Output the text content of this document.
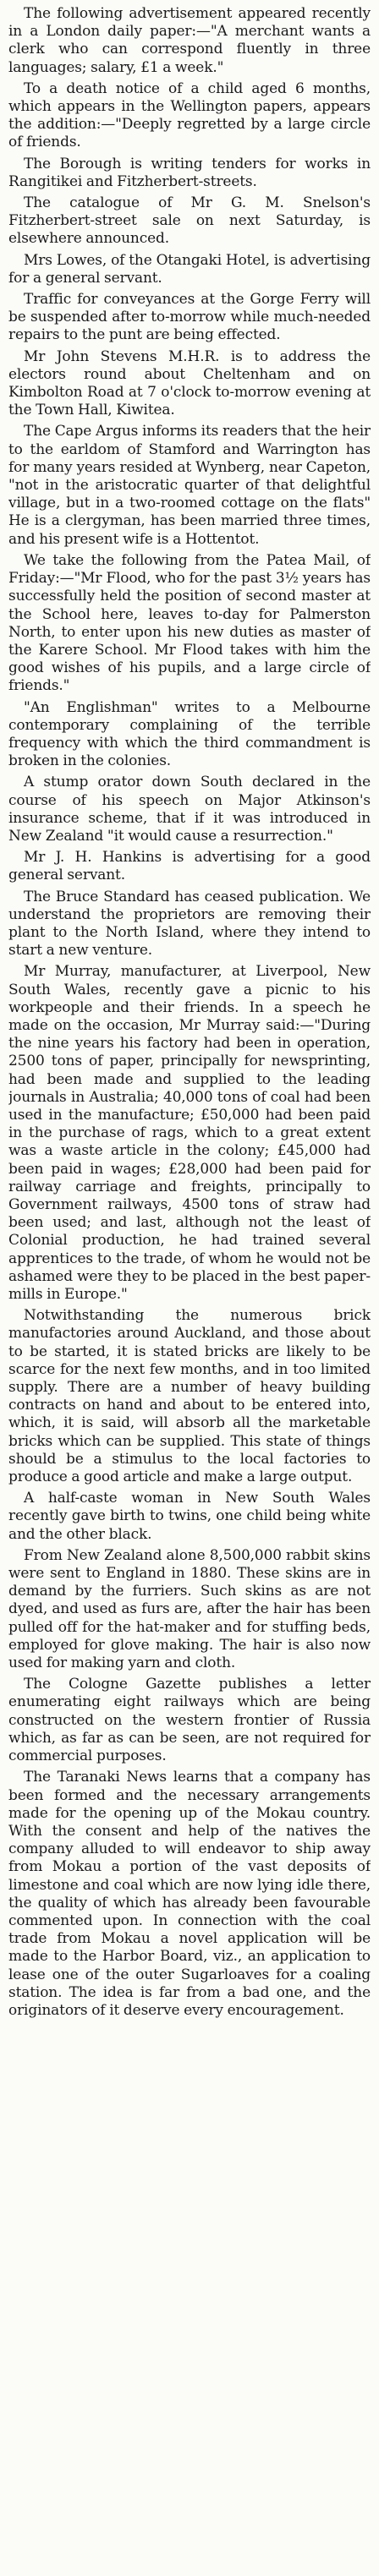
The following advertisement appeared recently in a London daily paper:—"A merchant wants a clerk who can correspond fluently in three languages; salary, £1 a week."

To a death notice of a child aged 6 months, which appears in the Wellington papers, appears the addition:—"Deeply regretted by a large circle of friends.

The Borough is writing tenders for works in Rangitikei and Fitzherbert-streets.

The catalogue of Mr G. M. Snelson's Fitzherbert-street sale on next Saturday, is elsewhere announced.

Mrs Lowes, of the Otangaki Hotel, is advertising for a general servant.

Traffic for conveyances at the Gorge Ferry will be suspended after to-morrow while much-needed repairs to the punt are being effected.

Mr John Stevens M.H.R. is to address the electors round about Cheltenham and on Kimbolton Road at 7 o'clock to-morrow evening at the Town Hall, Kiwitea.

The Cape Argus informs its readers that the heir to the earldom of Stamford and Warrington has for many years resided at Wynberg, near Capeton, "not in the aristocratic quarter of that delightful village, but in a two-roomed cottage on the flats" He is a clergyman, has been married three times, and his present wife is a Hottentot.

We take the following from the Patea Mail, of Friday:—"Mr Flood, who for the past 3½ years has successfully held the position of second master at the School here, leaves to-day for Palmerston North, to enter upon his new duties as master of the Karere School. Mr Flood takes with him the good wishes of his pupils, and a large circle of friends."

"An Englishman" writes to a Melbourne contemporary complaining of the terrible frequency with which the third commandment is broken in the colonies.

A stump orator down South declared in the course of his speech on Major Atkinson's insurance scheme, that if it was introduced in New Zealand "it would cause a resurrection."

Mr J. H. Hankins is advertising for a good general servant.

The Bruce Standard has ceased publication. We understand the proprietors are removing their plant to the North Island, where they intend to start a new venture.

Mr Murray, manufacturer, at Liverpool, New South Wales, recently gave a picnic to his workpeople and their friends. In a speech he made on the occasion, Mr Murray said:—"During the nine years his factory had been in operation, 2500 tons of paper, principally for newsprinting, had been made and supplied to the leading journals in Australia; 40,000 tons of coal had been used in the manufacture; £50,000 had been paid in the purchase of rags, which to a great extent was a waste article in the colony; £45,000 had been paid in wages; £28,000 had been paid for railway carriage and freights, principally to Government railways, 4500 tons of straw had been used; and last, although not the least of Colonial production, he had trained several apprentices to the trade, of whom he would not be ashamed were they to be placed in the best paper-mills in Europe."

Notwithstanding the numerous brick manufactories around Auckland, and those about to be started, it is stated bricks are likely to be scarce for the next few months, and in too limited supply. There are a number of heavy building contracts on hand and about to be entered into, which, it is said, will absorb all the marketable bricks which can be supplied. This state of things should be a stimulus to the local factories to produce a good article and make a large output.

A half-caste woman in New South Wales recently gave birth to twins, one child being white and the other black.

From New Zealand alone 8,500,000 rabbit skins were sent to England in 1880. These skins are in demand by the furriers. Such skins as are not dyed, and used as furs are, after the hair has been pulled off for the hat-maker and for stuffing beds, employed for glove making. The hair is also now used for making yarn and cloth.

The Cologne Gazette publishes a letter enumerating eight railways which are being constructed on the western frontier of Russia which, as far as can be seen, are not required for commercial purposes.

The Taranaki News learns that a company has been formed and the necessary arrangements made for the opening up of the Mokau country. With the consent and help of the natives the company alluded to will endeavor to ship away from Mokau a portion of the vast deposits of limestone and coal which are now lying idle there, the quality of which has already been favourable commented upon. In connection with the coal trade from Mokau a novel application will be made to the Harbor Board, viz., an application to lease one of the outer Sugarloaves for a coaling station. The idea is far from a bad one, and the originators of it deserve every encouragement.
